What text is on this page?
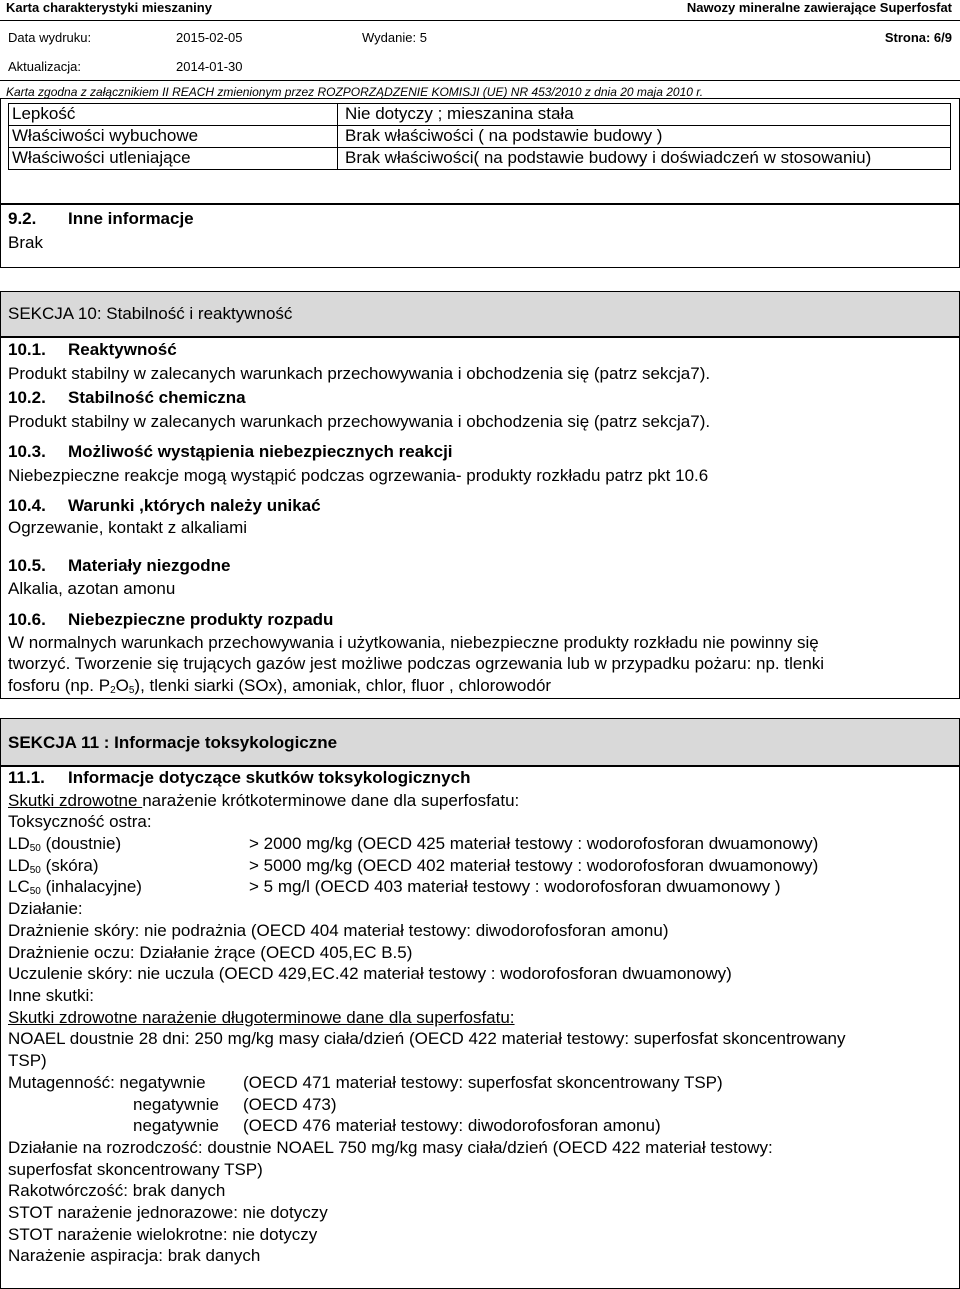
Karta charakterystyki mieszaniny	Nawozy mineralne zawierające Superfosfat
Data wydruku:	2015-02-05	Wydanie: 5	Strona: 6/9
Aktualizacja:	2014-01-30
Karta zgodna z załącznikiem II REACH zmienionym przez ROZPORZĄDZENIE KOMISJI (UE) NR 453/2010 z dnia 20 maja 2010 r.
Lepkość	Nie dotyczy ; mieszanina stała
Właściwości wybuchowe	Brak właściwości ( na podstawie budowy )
Właściwości utleniające	Brak właściwości( na podstawie budowy i doświadczeń w stosowaniu)
9.2. Inne informacje
Brak
SEKCJA 10: Stabilność i reaktywność
10.1. Reaktywność
Produkt stabilny w zalecanych warunkach przechowywania i obchodzenia się (patrz sekcja7).
10.2. Stabilność chemiczna
Produkt stabilny w zalecanych warunkach przechowywania i obchodzenia się (patrz sekcja7).
10.3. Możliwość wystąpienia niebezpiecznych reakcji
Niebezpieczne reakcje mogą wystąpić podczas ogrzewania- produkty rozkładu patrz pkt 10.6
10.4. Warunki ,których należy unikać
Ogrzewanie, kontakt z alkaliami
10.5. Materiały niezgodne
Alkalia, azotan amonu
10.6. Niebezpieczne produkty rozpadu
W normalnych warunkach przechowywania i użytkowania, niebezpieczne produkty rozkładu nie powinny się
tworzyć. Tworzenie się trujących gazów jest możliwe podczas ogrzewania lub w przypadku pożaru: np. tlenki
fosforu (np. $P_2O_5$), tlenki siarki (SOx), amoniak, chlor, fluor , chlorowodór
SEKCJA 11 : Informacje toksykologiczne
11.1. Informacje dotyczące skutków toksykologicznych
Skutki zdrowotne narażenie krótkoterminowe dane dla superfosfatu:
Toksyczność ostra:
$LD_{50}$ (doustnie)	> 2000 mg/kg (OECD 425 materiał testowy : wodorofosforan dwuamonowy)
$LD_{50}$ (skóra)	> 5000 mg/kg (OECD 402 materiał testowy : wodorofosforan dwuamonowy)
$LC_{50}$ (inhalacyjne)	> 5 mg/l (OECD 403 materiał testowy : wodorofosforan dwuamonowy )
Działanie:
Drażnienie skóry: nie podrażnia (OECD 404 materiał testowy: diwodorofosforan amonu)
Drażnienie oczu: Działanie żrące (OECD 405,EC B.5)
Uczulenie skóry: nie uczula (OECD 429,EC.42 materiał testowy : wodorofosforan dwuamonowy)
Inne skutki:
Skutki zdrowotne narażenie długoterminowe dane dla superfosfatu:
NOAEL doustnie 28 dni: 250 mg/kg masy ciała/dzień (OECD 422 materiał testowy: superfosfat skoncentrowany
TSP)
Mutagenność: negatywnie (OECD 471 materiał testowy: superfosfat skoncentrowany TSP)
negatywnie (OECD 473)
negatywnie (OECD 476 materiał testowy: diwodorofosforan amonu)
Działanie na rozrodczość: doustnie NOAEL 750 mg/kg masy ciała/dzień (OECD 422 materiał testowy:
superfosfat skoncentrowany TSP)
Rakotwórczość: brak danych
STOT narażenie jednorazowe: nie dotyczy
STOT narażenie wielokrotne: nie dotyczy
Narażenie aspiracja: brak danych
